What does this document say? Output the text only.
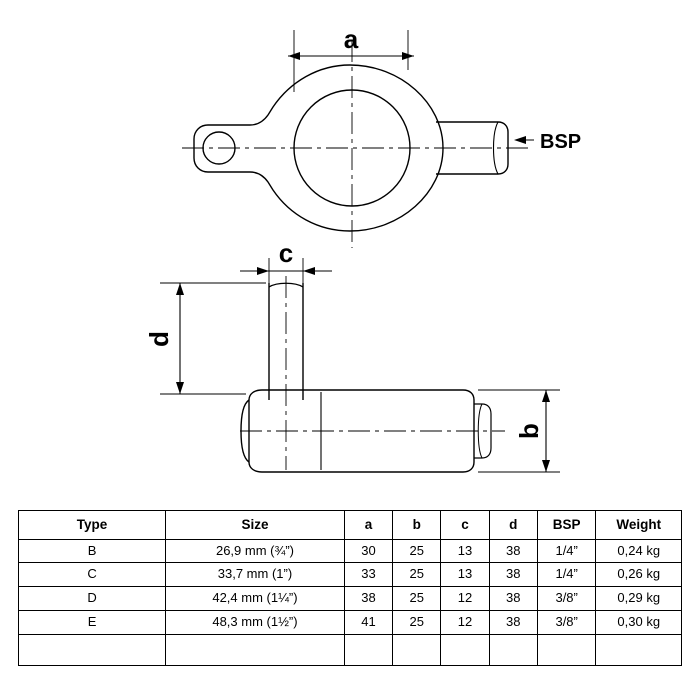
a
c
d
b
BSP
Type	Size	a	b	c	d	BSP	Weight
B	26,9 mm (¾”)	30	25	13	38	1/4”	0,24 kg
C	33,7 mm (1”)	33	25	13	38	1/4”	0,26 kg
D	42,4 mm (1¼”)	38	25	12	38	3/8”	0,29 kg
E	48,3 mm (1½”)	41	25	12	38	3/8”	0,30 kg
